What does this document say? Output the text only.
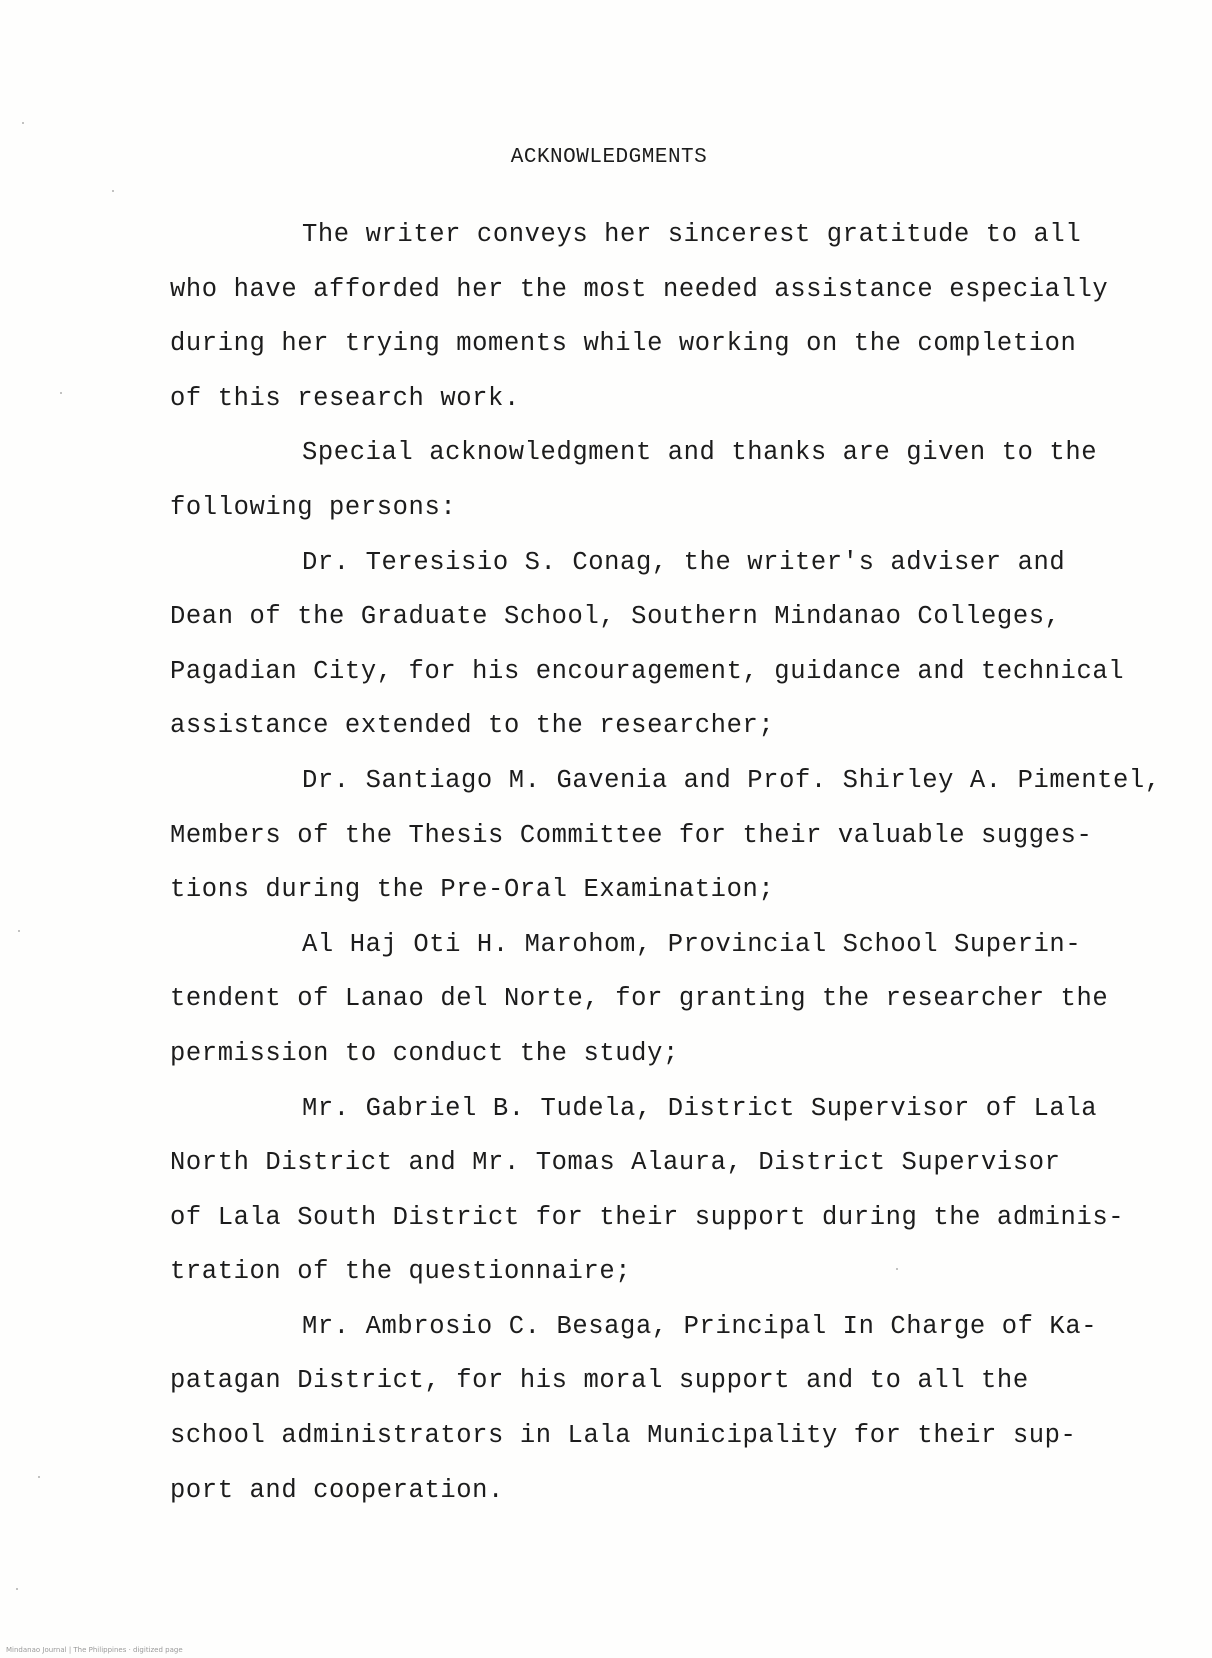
ACKNOWLEDGMENTS
The writer conveys her sincerest gratitude to all
who have afforded her the most needed assistance especially
during her trying moments while working on the completion
of this research work.
Special acknowledgment and thanks are given to the
following persons:
Dr. Teresisio S. Conag, the writer's adviser and
Dean of the Graduate School, Southern Mindanao Colleges,
Pagadian City, for his encouragement, guidance and technical
assistance extended to the researcher;
Dr. Santiago M. Gavenia and Prof. Shirley A. Pimentel,
Members of the Thesis Committee for their valuable sugges-
tions during the Pre-Oral Examination;
Al Haj Oti H. Marohom, Provincial School Superin-
tendent of Lanao del Norte, for granting the researcher the
permission to conduct the study;
Mr. Gabriel B. Tudela, District Supervisor of Lala
North District and Mr. Tomas Alaura, District Supervisor
of Lala South District for their support during the adminis-
tration of the questionnaire;
Mr. Ambrosio C. Besaga, Principal In Charge of Ka-
patagan District, for his moral support and to all the
school administrators in Lala Municipality for their sup-
port and cooperation.
Mindanao Journal | The Philippines · digitized page
